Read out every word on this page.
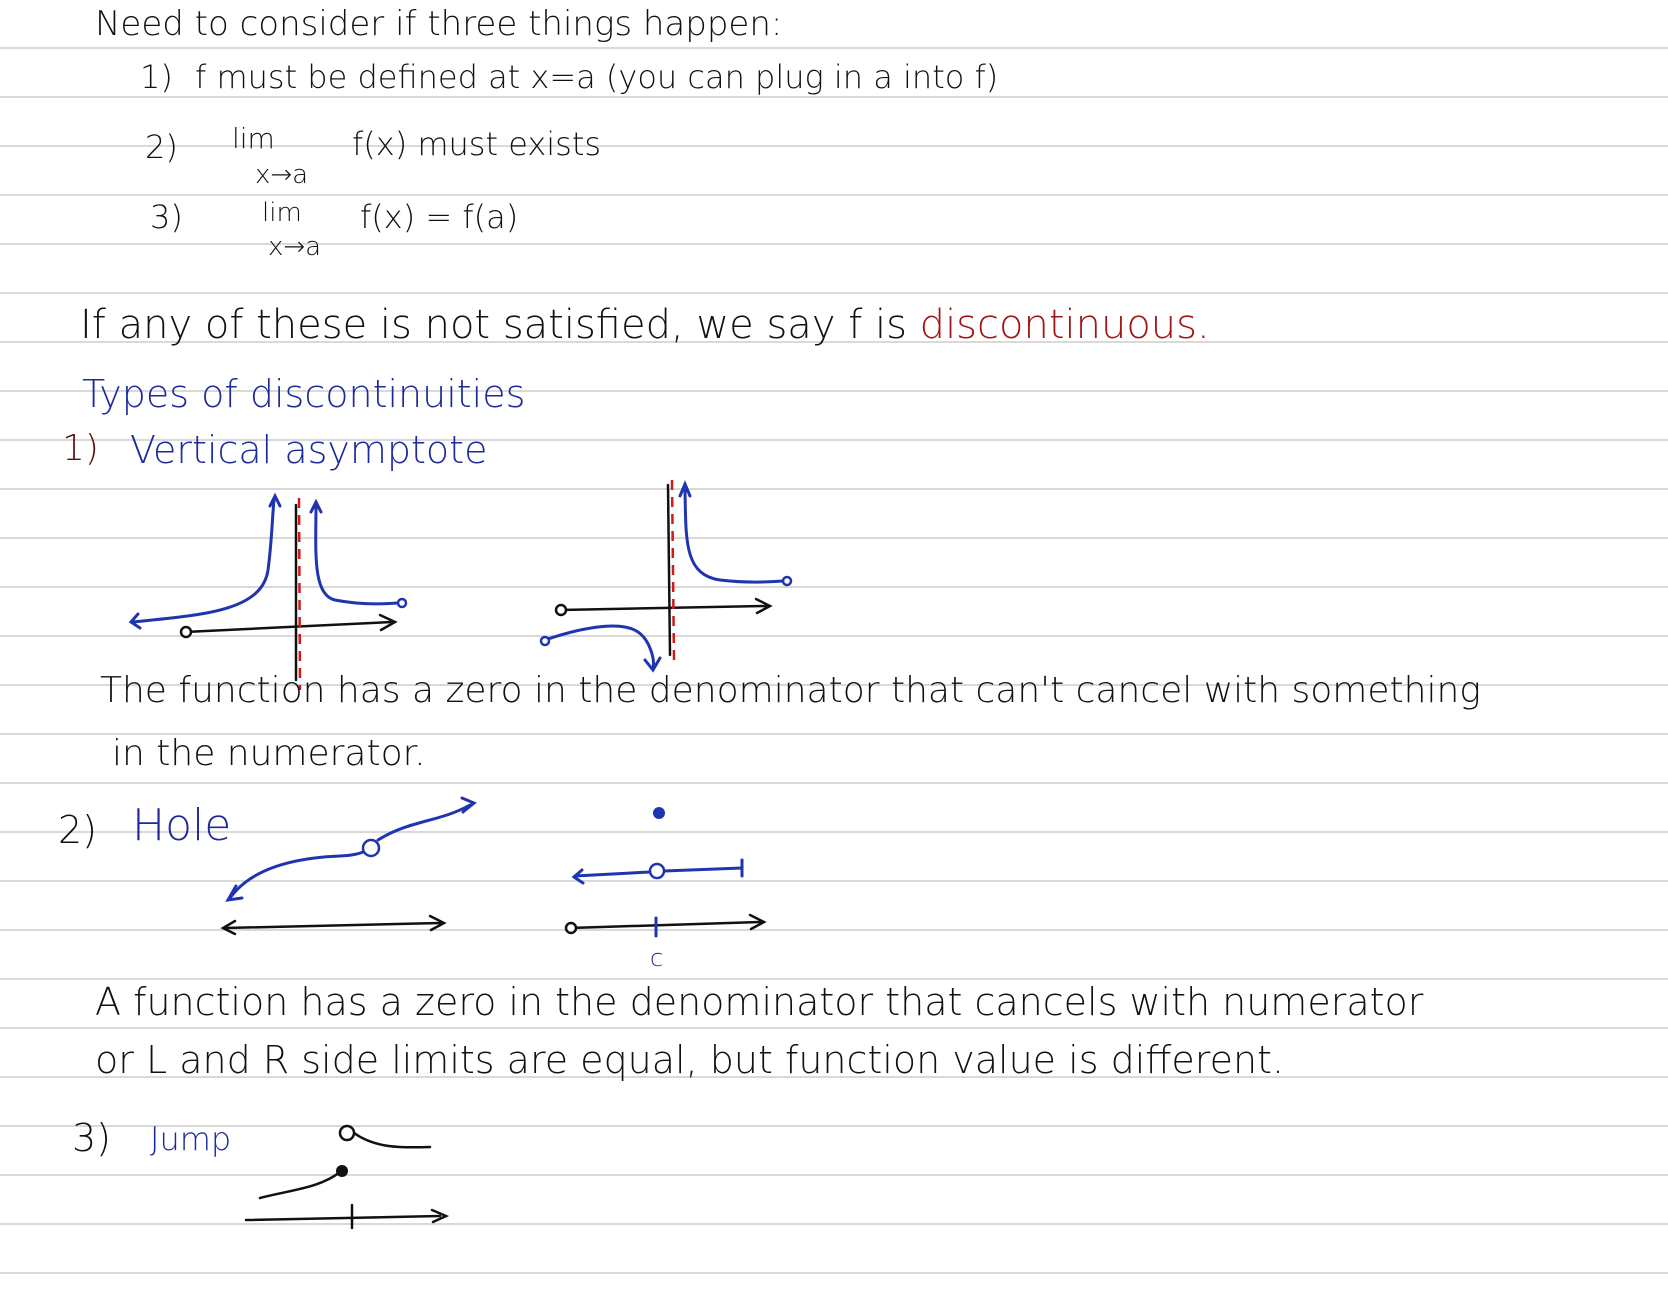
Need to consider if three things happen:
1) f must be defined at x=a (you can plug in a into f)
2) lim
x→a
f(x) must exists
3)	lim
x→a
f(x) = f(a)
If any of these is not satisfied, we say f is discontinuous.
Types of discontinuities
1) Vertical asymptote
The function has a zero in the denominator that can't cancel with something
in the numerator.
2) Hole
c
A function has a zero in the denominator that cancels with numerator
or L and R side limits are equal, but function value is different.
3) Jump
